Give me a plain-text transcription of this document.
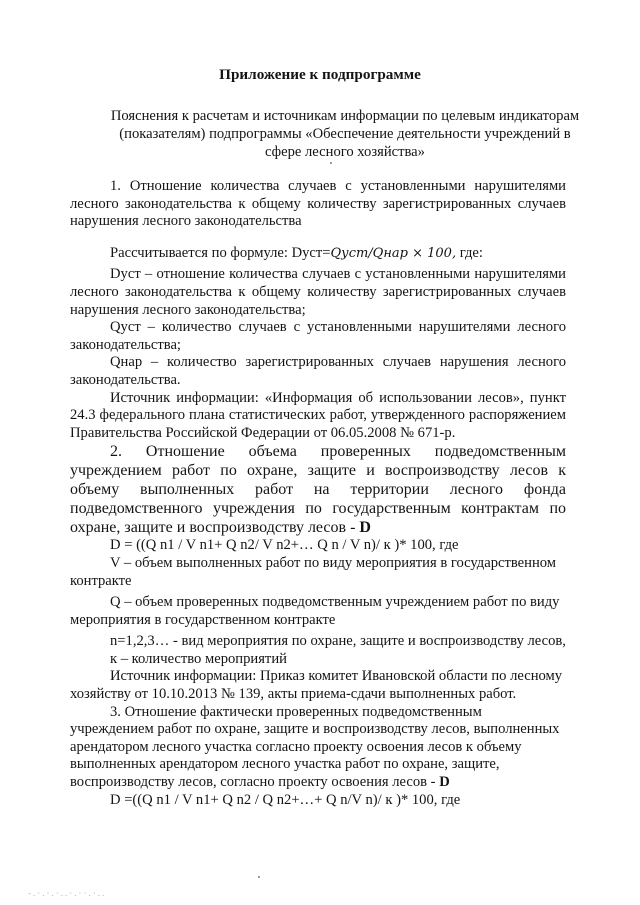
Приложение к подпрограмме

Пояснения к расчетам и источникам информации по целевым индикаторам (показателям) подпрограммы «Обеспечение деятельности учреждений в сфере лесного хозяйства»

1. Отношение количества случаев с установленными нарушителями лесного законодательства к общему количеству зарегистрированных случаев нарушения лесного законодательства

Рассчитывается по формуле: Dуст=Qуст/Qнар × 100, где:

Dуст – отношение количества случаев с установленными нарушителями лесного законодательства к общему количеству зарегистрированных случаев нарушения лесного законодательства;

Qуст – количество случаев с установленными нарушителями лесного законодательства;

Qнар – количество зарегистрированных случаев нарушения лесного законодательства.

Источник информации: «Информация об использовании лесов», пункт 24.3 федерального плана статистических работ, утвержденного распоряжением Правительства Российской Федерации от 06.05.2008 № 671-р.

2. Отношение объема проверенных подведомственным учреждением работ по охране, защите и воспроизводству лесов к объему выполненных работ на территории лесного фонда подведомственного учреждения по государственным контрактам по охране, защите и воспроизводству лесов - D

D = ((Q n1 / V n1+ Q n2/ V n2+… Q n / V n)/ к )* 100, где

V – объем выполненных работ по виду мероприятия в государственном контракте

Q – объем проверенных подведомственным учреждением работ по виду мероприятия в государственном контракте

n=1,2,3… - вид мероприятия по охране, защите и воспроизводству лесов,

к – количество мероприятий

Источник информации: Приказ комитет Ивановской области по лесному хозяйству от 10.10.2013 № 139, акты приема-сдачи выполненных работ.

3. Отношение фактически проверенных подведомственным учреждением работ по охране, защите и воспроизводству лесов, выполненных арендатором лесного участка согласно проекту освоения лесов к объему выполненных арендатором лесного участка работ по охране, защите, воспроизводству лесов, согласно проекту освоения лесов - D

D =((Q n1 / V n1+ Q n2 / Q n2+…+ Q n/V n)/ к )* 100, где

-.·.·.·..·.··.·..
